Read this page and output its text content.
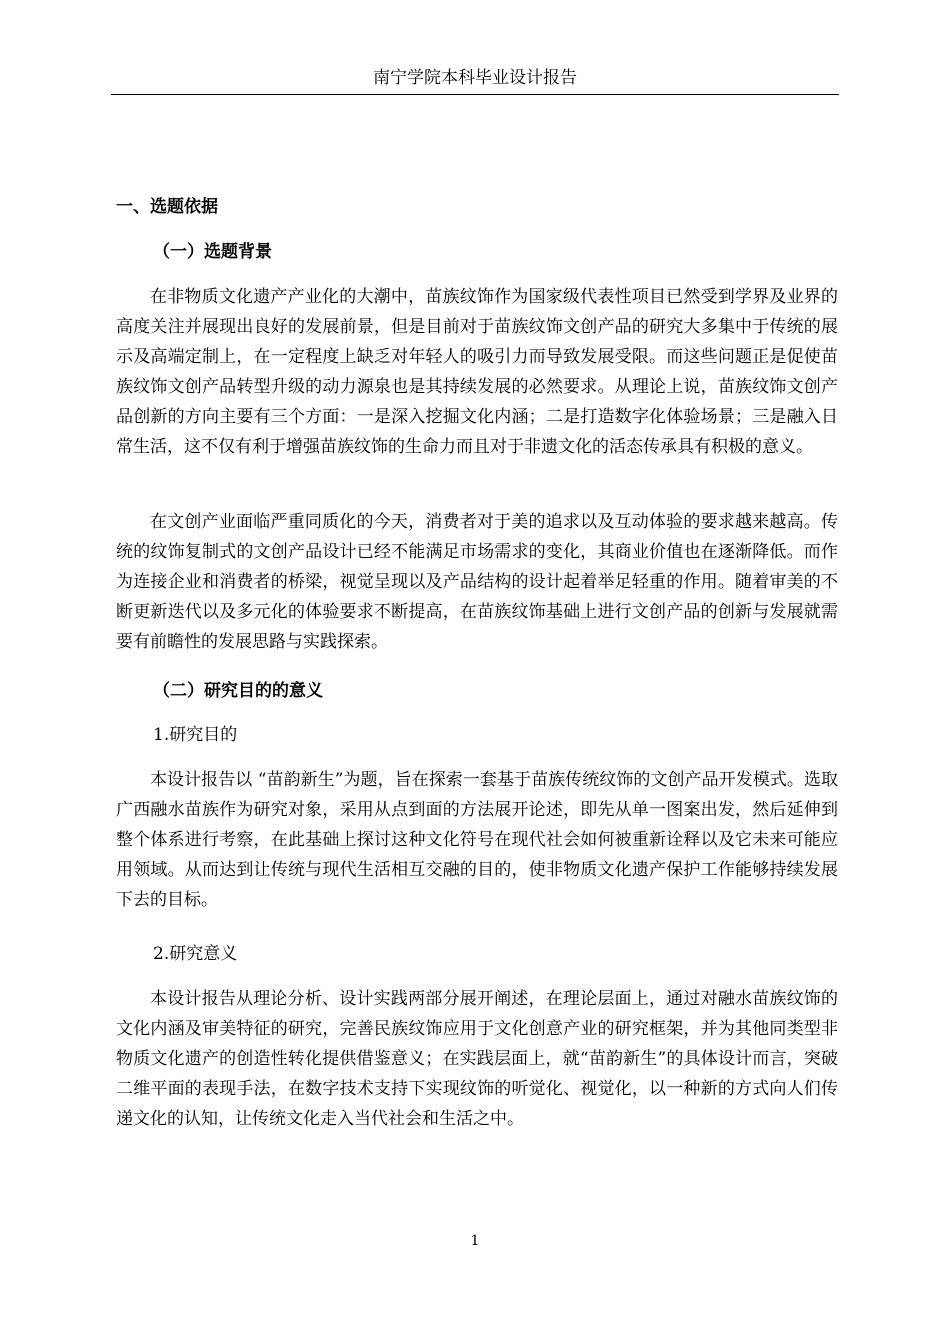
南宁学院本科毕业设计报告
一、选题依据
（一）选题背景

在非物质文化遗产产业化的大潮中，苗族纹饰作为国家级代表性项目已然受到学界及业界的高度关注并展现出良好的发展前景，但是目前对于苗族纹饰文创产品的研究大多集中于传统的展示及高端定制上，在一定程度上缺乏对年轻人的吸引力而导致发展受限。而这些问题正是促使苗族纹饰文创产品转型升级的动力源泉也是其持续发展的必然要求。从理论上说，苗族纹饰文创产品创新的方向主要有三个方面：一是深入挖掘文化内涵；二是打造数字化体验场景；三是融入日常生活，这不仅有利于增强苗族纹饰的生命力而且对于非遗文化的活态传承具有积极的意义。

在文创产业面临严重同质化的今天，消费者对于美的追求以及互动体验的要求越来越高。传统的纹饰复制式的文创产品设计已经不能满足市场需求的变化，其商业价值也在逐渐降低。而作为连接企业和消费者的桥梁，视觉呈现以及产品结构的设计起着举足轻重的作用。随着审美的不断更新迭代以及多元化的体验要求不断提高，在苗族纹饰基础上进行文创产品的创新与发展就需要有前瞻性的发展思路与实践探索。

（二）研究目的的意义
1.研究目的

本设计报告以 “苗韵新生”为题，旨在探索一套基于苗族传统纹饰的文创产品开发模式。选取广西融水苗族作为研究对象，采用从点到面的方法展开论述，即先从单一图案出发，然后延伸到整个体系进行考察，在此基础上探讨这种文化符号在现代社会如何被重新诠释以及它未来可能应用领域。从而达到让传统与现代生活相互交融的目的，使非物质文化遗产保护工作能够持续发展下去的目标。

2.研究意义

本设计报告从理论分析、设计实践两部分展开阐述，在理论层面上，通过对融水苗族纹饰的文化内涵及审美特征的研究，完善民族纹饰应用于文化创意产业的研究框架，并为其他同类型非物质文化遗产的创造性转化提供借鉴意义；在实践层面上，就“苗韵新生”的具体设计而言，突破二维平面的表现手法，在数字技术支持下实现纹饰的听觉化、视觉化，以一种新的方式向人们传递文化的认知，让传统文化走入当代社会和生活之中。

1
